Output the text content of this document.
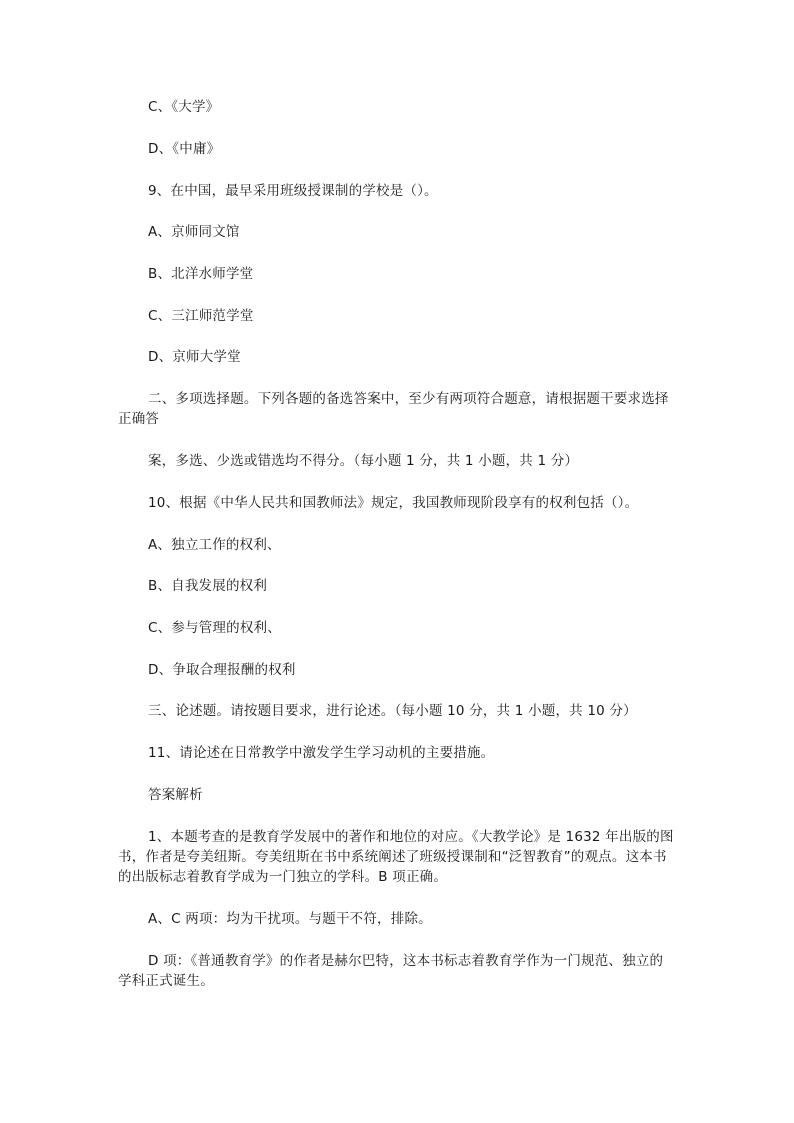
C、《大学》
D、《中庸》
9、在中国，最早采用班级授课制的学校是（）。
A、京师同文馆
B、北洋水师学堂
C、三江师范学堂
D、京师大学堂
二、多项选择题。下列各题的备选答案中，至少有两项符合题意，请根据题干要求选择正确答
案，多选、少选或错选均不得分。（每小题 1 分，共 1 小题，共 1 分）
10、根据《中华人民共和国教师法》规定，我国教师现阶段享有的权利包括（）。
A、独立工作的权利、
B、自我发展的权利
C、参与管理的权利、
D、争取合理报酬的权利
三、论述题。请按题目要求，进行论述。（每小题 10 分，共 1 小题，共 10 分）
11、请论述在日常教学中激发学生学习动机的主要措施。
答案解析
1、本题考查的是教育学发展中的著作和地位的对应。《大教学论》是 1632 年出版的图书，作者是夸美纽斯。夸美纽斯在书中系统阐述了班级授课制和“泛智教育”的观点。这本书的出版标志着教育学成为一门独立的学科。B 项正确。
A、C 两项：均为干扰项。与题干不符，排除。
D 项：《普通教育学》的作者是赫尔巴特，这本书标志着教育学作为一门规范、独立的学科正式诞生。
